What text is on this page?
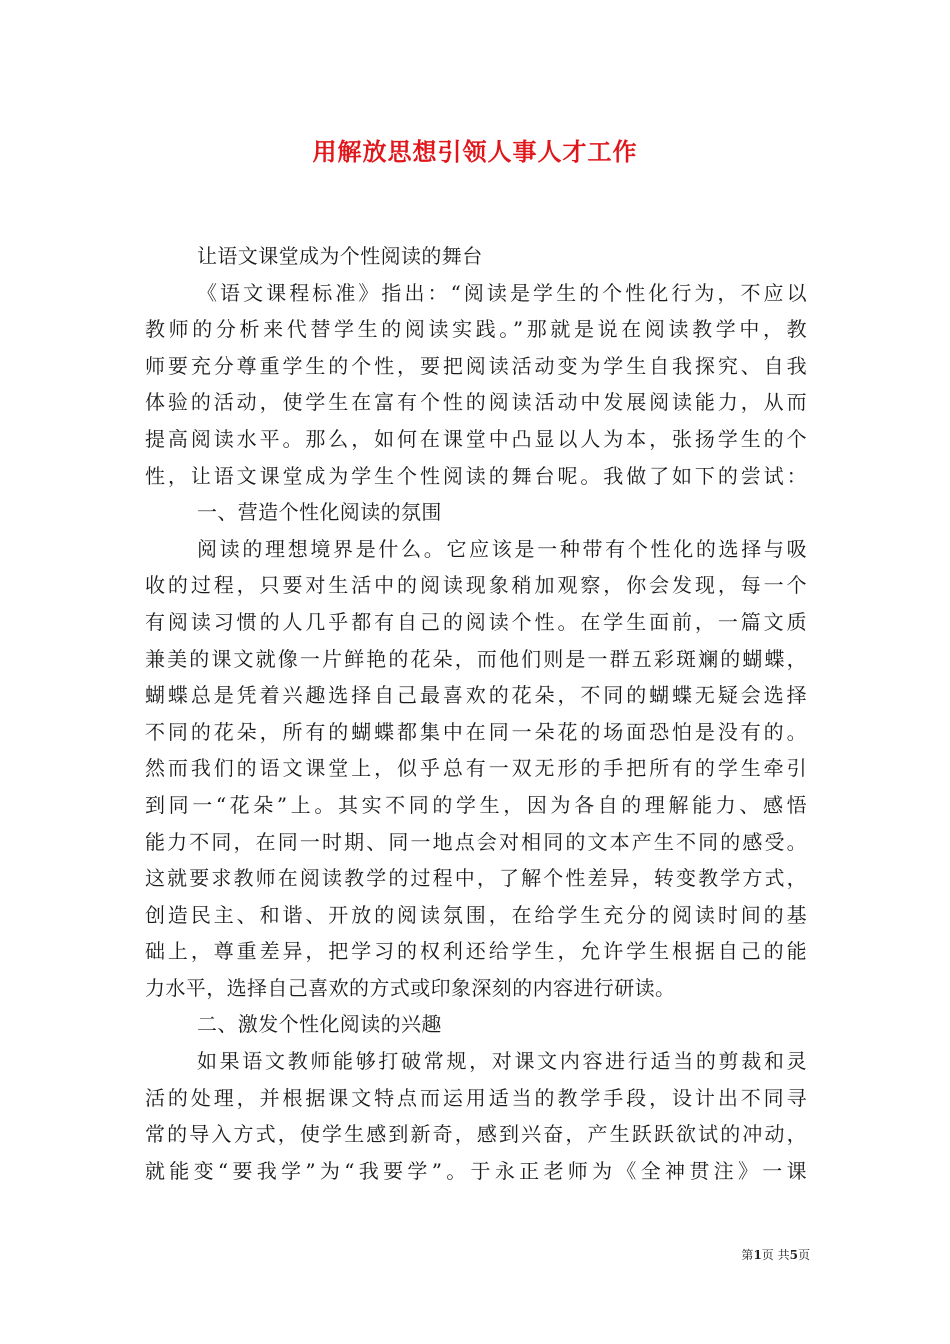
用解放思想引领人事人才工作
让语文课堂成为个性阅读的舞台
《语文课程标准》指出：“阅读是学生的个性化行为，不应以
教师的分析来代替学生的阅读实践。”那就是说在阅读教学中，教
师要充分尊重学生的个性，要把阅读活动变为学生自我探究、自我
体验的活动，使学生在富有个性的阅读活动中发展阅读能力，从而
提高阅读水平。那么，如何在课堂中凸显以人为本，张扬学生的个
性，让语文课堂成为学生个性阅读的舞台呢。我做了如下的尝试：
一、营造个性化阅读的氛围
阅读的理想境界是什么。它应该是一种带有个性化的选择与吸
收的过程，只要对生活中的阅读现象稍加观察，你会发现，每一个
有阅读习惯的人几乎都有自己的阅读个性。在学生面前，一篇文质
兼美的课文就像一片鲜艳的花朵，而他们则是一群五彩斑斓的蝴蝶，
蝴蝶总是凭着兴趣选择自己最喜欢的花朵，不同的蝴蝶无疑会选择
不同的花朵，所有的蝴蝶都集中在同一朵花的场面恐怕是没有的。
然而我们的语文课堂上，似乎总有一双无形的手把所有的学生牵引
到同一“花朵”上。其实不同的学生，因为各自的理解能力、感悟
能力不同，在同一时期、同一地点会对相同的文本产生不同的感受。
这就要求教师在阅读教学的过程中，了解个性差异，转变教学方式，
创造民主、和谐、开放的阅读氛围，在给学生充分的阅读时间的基
础上，尊重差异，把学习的权利还给学生，允许学生根据自己的能
力水平，选择自己喜欢的方式或印象深刻的内容进行研读。
二、激发个性化阅读的兴趣
如果语文教师能够打破常规，对课文内容进行适当的剪裁和灵
活的处理，并根据课文特点而运用适当的教学手段，设计出不同寻
常的导入方式，使学生感到新奇，感到兴奋，产生跃跃欲试的冲动，
就能变“要我学”为“我要学”。于永正老师为《全神贯注》一课
第1页 共5页
